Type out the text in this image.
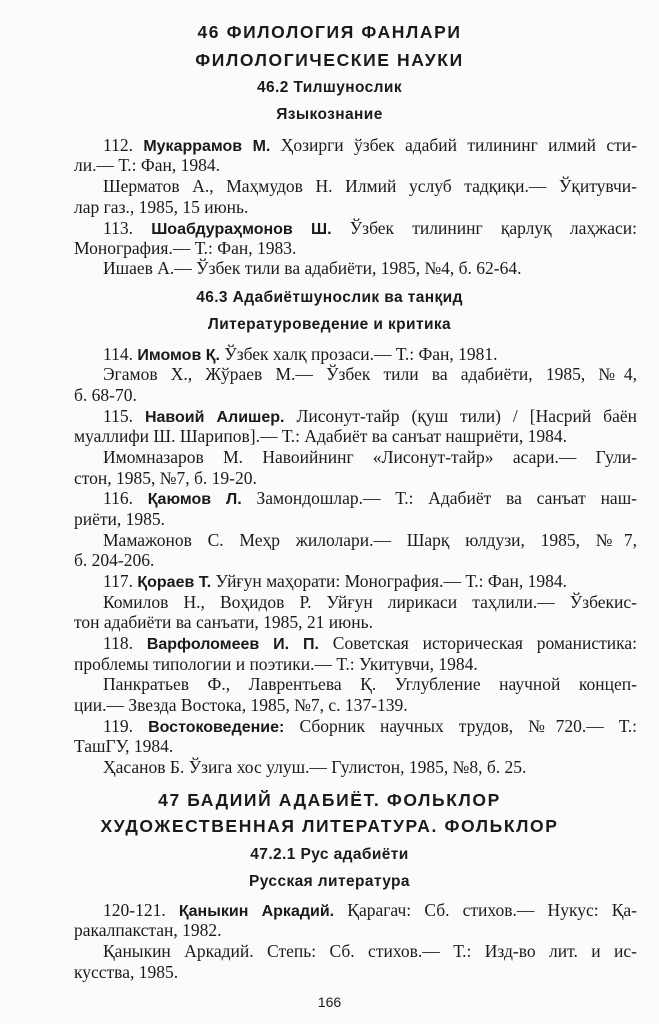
46 ФИЛОЛОГИЯ ФАНЛАРИ
ФИЛОЛОГИЧЕСКИЕ НАУКИ
46.2 Тилшунослик
Языкознание
112. Мукаррамов М. Ҳозирги ўзбек адабий тилининг илмий сти-
ли.— Т.: Фан, 1984.
Шерматов А., Маҳмудов Н. Илмий услуб тадқиқи.— Ўқитувчи-
лар газ., 1985, 15 июнь.
113. Шоабдураҳмонов Ш. Ўзбек тилининг қарлуқ лаҳжаси:
Монография.— Т.: Фан, 1983.
Ишаев А.— Ўзбек тили ва адабиёти, 1985, №4, б. 62-64.
46.3 Адабиётшунослик ва танқид
Литературоведение и критика
114. Имомов Қ. Ўзбек халқ прозаси.— Т.: Фан, 1981.
Эгамов Х., Жўраев М.— Ўзбек тили ва адабиёти, 1985, №4,
б. 68-70.
115. Навоий Алишер. Лисонут-тайр (қуш тили) / [Насрий баён
муаллифи Ш. Шарипов].— Т.: Адабиёт ва санъат нашриёти, 1984.
Имомназаров М. Навоийнинг «Лисонут-тайр» асари.— Гули-
стон, 1985, №7, б. 19-20.
116. Қаюмов Л. Замондошлар.— Т.: Адабиёт ва санъат наш-
риёти, 1985.
Мамажонов С. Меҳр жилолари.— Шарқ юлдузи, 1985, №7,
б. 204-206.
117. Қораев Т. Уйғун маҳорати: Монография.— Т.: Фан, 1984.
Комилов Н., Воҳидов Р. Уйғун лирикаси таҳлили.— Ўзбекис-
тон адабиёти ва санъати, 1985, 21 июнь.
118. Варфоломеев И. П. Советская историческая романистика:
проблемы типологии и поэтики.— Т.: Укитувчи, 1984.
Панкратьев Ф., Лаврентьева Қ. Углубление научной концеп-
ции.— Звезда Востока, 1985, №7, с. 137-139.
119. Востоковедение: Сборник научных трудов, №720.— Т.:
ТашГУ, 1984.
Ҳасанов Б. Ўзига хос улуш.— Гулистон, 1985, №8, б. 25.
47 БАДИИЙ АДАБИЁТ. ФОЛЬКЛОР
ХУДОЖЕСТВЕННАЯ ЛИТЕРАТУРА. ФОЛЬКЛОР
47.2.1 Рус адабиёти
Русская литература
120-121. Қаныкин Аркадий. Қарагач: Сб. стихов.— Нукус: Қа-
ракалпакстан, 1982.
Қаныкин Аркадий. Степь: Сб. стихов.— Т.: Изд-во лит. и ис-
кусства, 1985.
166
